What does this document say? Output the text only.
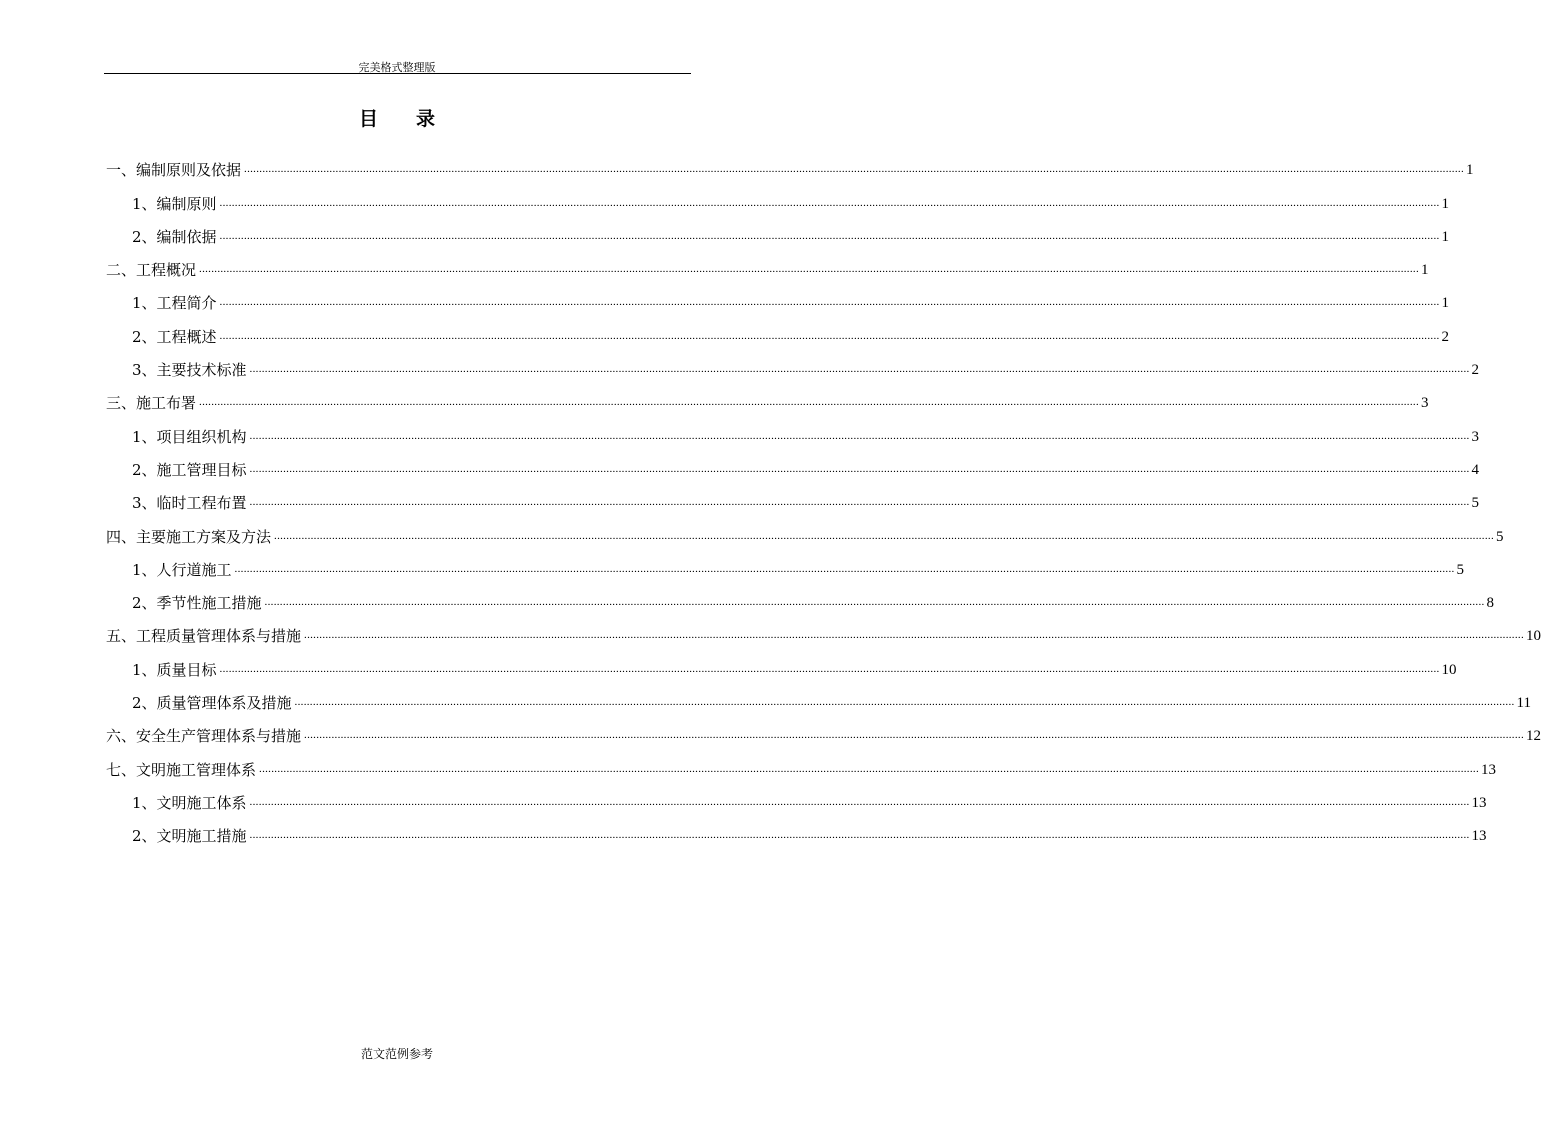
完美格式整理版
目　　录
一、编制原则及依据 ................................................................................................................................................................................................................................................................................................................................................................................................................ 1
1、编制原则 ................................................................................................................................................................................................................................................................................................................................................................................................................ 1
2、编制依据 ................................................................................................................................................................................................................................................................................................................................................................................................................ 1
二、工程概况 ................................................................................................................................................................................................................................................................................................................................................................................................................ 1
1、工程简介 ................................................................................................................................................................................................................................................................................................................................................................................................................ 1
2、工程概述 ................................................................................................................................................................................................................................................................................................................................................................................................................ 2
3、主要技术标准 ................................................................................................................................................................................................................................................................................................................................................................................................................ 2
三、施工布署 ................................................................................................................................................................................................................................................................................................................................................................................................................ 3
1、项目组织机构 ................................................................................................................................................................................................................................................................................................................................................................................................................ 3
2、施工管理目标 ................................................................................................................................................................................................................................................................................................................................................................................................................ 4
3、临时工程布置 ................................................................................................................................................................................................................................................................................................................................................................................................................ 5
四、主要施工方案及方法 ................................................................................................................................................................................................................................................................................................................................................................................................................ 5
1、人行道施工 ................................................................................................................................................................................................................................................................................................................................................................................................................ 5
2、季节性施工措施 ................................................................................................................................................................................................................................................................................................................................................................................................................ 8
五、工程质量管理体系与措施 ................................................................................................................................................................................................................................................................................................................................................................................................................ 10
1、质量目标 ................................................................................................................................................................................................................................................................................................................................................................................................................ 10
2、质量管理体系及措施 ................................................................................................................................................................................................................................................................................................................................................................................................................ 11
六、安全生产管理体系与措施 ................................................................................................................................................................................................................................................................................................................................................................................................................ 12
七、文明施工管理体系 ................................................................................................................................................................................................................................................................................................................................................................................................................ 13
1、文明施工体系 ................................................................................................................................................................................................................................................................................................................................................................................................................ 13
2、文明施工措施 ................................................................................................................................................................................................................................................................................................................................................................................................................ 13
范文范例参考
